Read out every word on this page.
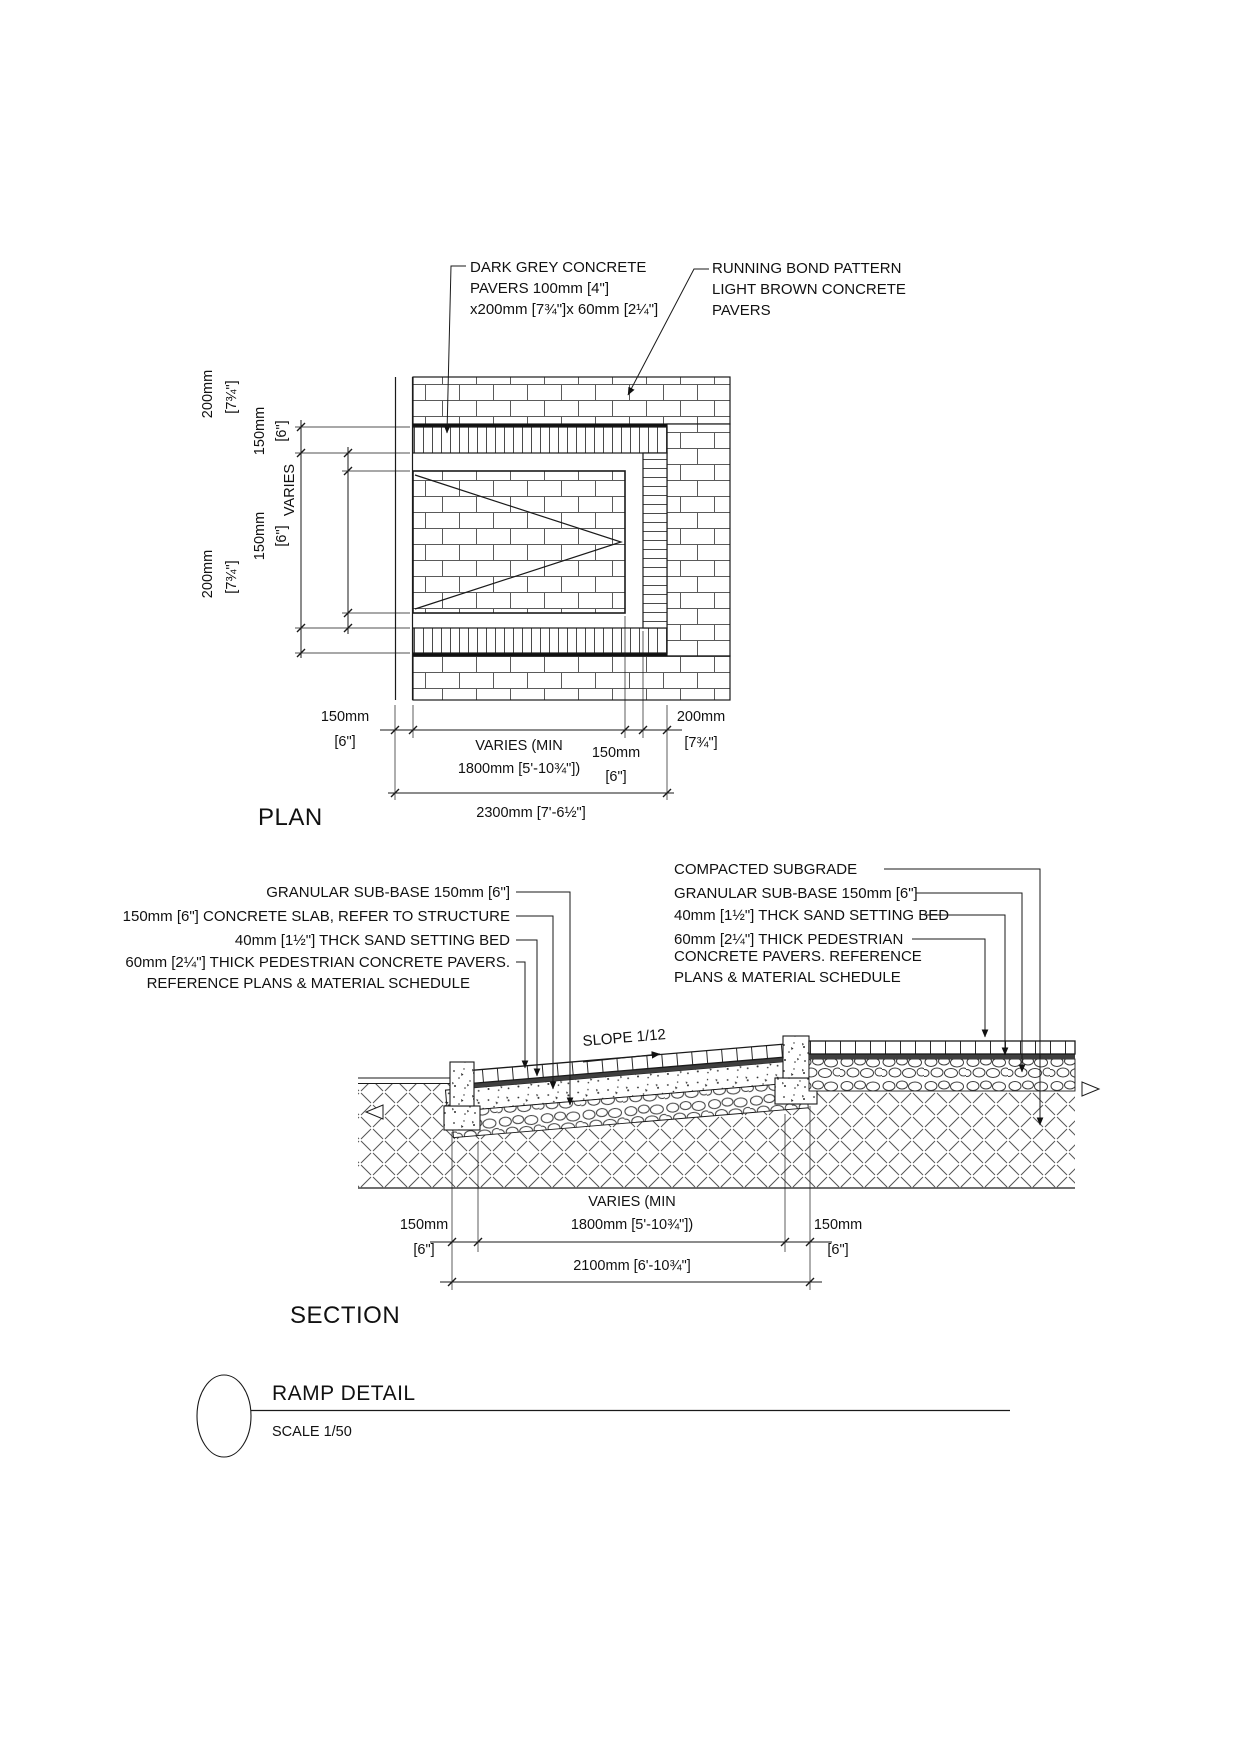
DARK GREY CONCRETE
PAVERS 100mm [4"]
x200mm [7¾"]x 60mm [2¼"]
RUNNING BOND PATTERN
LIGHT BROWN CONCRETE
PAVERS
200mm [7¾"]
150mm [6"]
VARIES
150mm [6"]
200mm [7¾"]
150mm
[6"]	VARIES (MIN
1800mm [5'-10¾"])
150mm
[6"]
200mm
[7¾"]
2300mm [7'-6½"]
PLAN
SLOPE 1/12
GRANULAR SUB-BASE 150mm [6"]
150mm [6"] CONCRETE SLAB, REFER TO STRUCTURE
40mm [1½"] THCK SAND SETTING BED
60mm [2¼"] THICK PEDESTRIAN CONCRETE PAVERS.
REFERENCE PLANS & MATERIAL SCHEDULE
COMPACTED SUBGRADE
GRANULAR SUB-BASE 150mm [6"]
40mm [1½"] THCK SAND SETTING BED
60mm [2¼"] THICK PEDESTRIAN
CONCRETE PAVERS. REFERENCE
PLANS & MATERIAL SCHEDULE
150mm
[6"]
VARIES (MIN
1800mm [5'-10¾"])	150mm
[6"]
2100mm [6'-10¾"]
SECTION
RAMP DETAIL
SCALE 1/50
